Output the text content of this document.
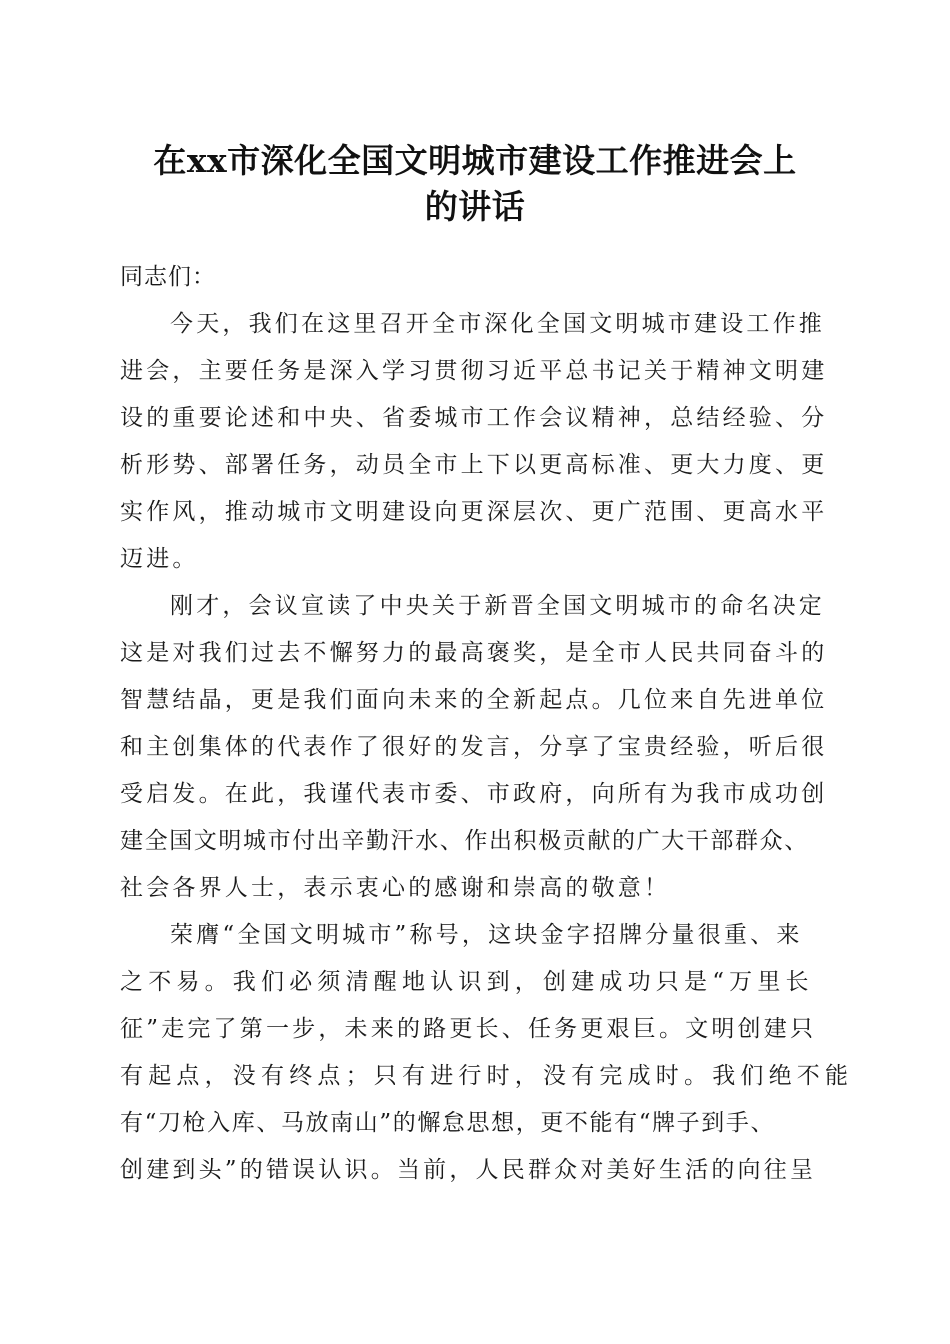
在xx市深化全国文明城市建设工作推进会上
的讲话
同志们：
今天，我们在这里召开全市深化全国文明城市建设工作推
进会，主要任务是深入学习贯彻习近平总书记关于精神文明建
设的重要论述和中央、省委城市工作会议精神，总结经验、分
析形势、部署任务，动员全市上下以更高标准、更大力度、更
实作风，推动城市文明建设向更深层次、更广范围、更高水平
迈进。
刚才，会议宣读了中央关于新晋全国文明城市的命名决定
这是对我们过去不懈努力的最高褒奖，是全市人民共同奋斗的
智慧结晶，更是我们面向未来的全新起点。几位来自先进单位
和主创集体的代表作了很好的发言，分享了宝贵经验，听后很
受启发。在此，我谨代表市委、市政府，向所有为我市成功创
建全国文明城市付出辛勤汗水、作出积极贡献的广大干部群众、
社会各界人士，表示衷心的感谢和崇高的敬意！
荣膺“全国文明城市”称号，这块金字招牌分量很重、来
之不易。我们必须清醒地认识到，创建成功只是“万里长
征”走完了第一步，未来的路更长、任务更艰巨。文明创建只
有起点，没有终点；只有进行时，没有完成时。我们绝不能
有“刀枪入库、马放南山”的懈怠思想，更不能有“牌子到手、
创建到头”的错误认识。当前，人民群众对美好生活的向往呈
